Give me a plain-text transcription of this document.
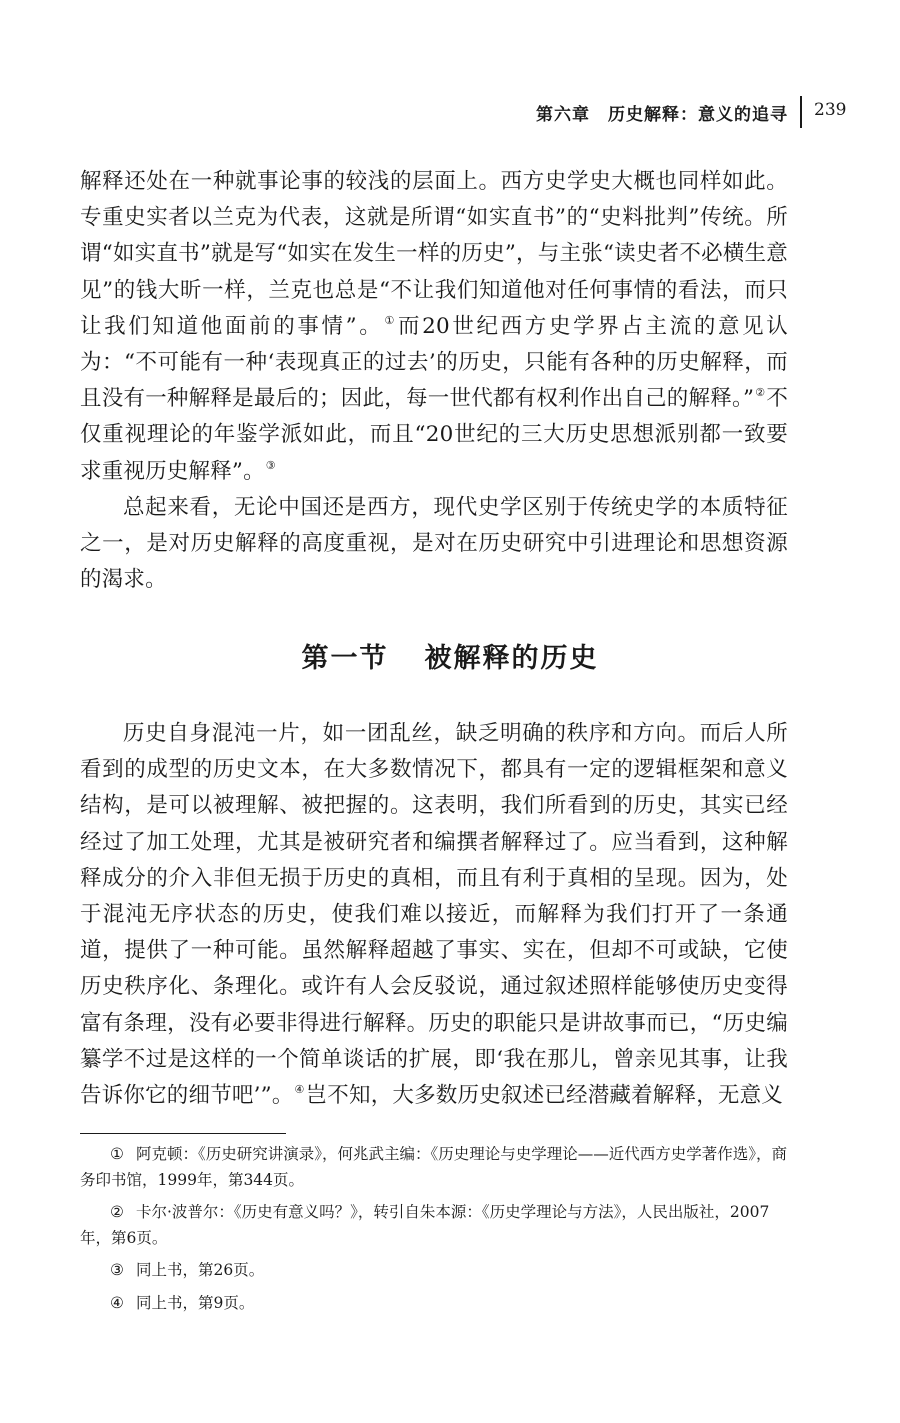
第六章　历史解释：意义的追寻 239

解释还处在一种就事论事的较浅的层面上。西方史学史大概也同样如此。专重史实者以兰克为代表，这就是所谓“如实直书”的“史料批判”传统。所谓“如实直书”就是写“如实在发生一样的历史”，与主张“读史者不必横生意见”的钱大昕一样，兰克也总是“不让我们知道他对任何事情的看法，而只让我们知道他面前的事情”。①而20世纪西方史学界占主流的意见认为：“不可能有一种‘表现真正的过去’的历史，只能有各种的历史解释，而且没有一种解释是最后的；因此，每一世代都有权利作出自己的解释。”②不仅重视理论的年鉴学派如此，而且“20世纪的三大历史思想派别都一致要求重视历史解释”。③

总起来看，无论中国还是西方，现代史学区别于传统史学的本质特征之一，是对历史解释的高度重视，是对在历史研究中引进理论和思想资源的渴求。

第一节 被解释的历史

历史自身混沌一片，如一团乱丝，缺乏明确的秩序和方向。而后人所看到的成型的历史文本，在大多数情况下，都具有一定的逻辑框架和意义结构，是可以被理解、被把握的。这表明，我们所看到的历史，其实已经经过了加工处理，尤其是被研究者和编撰者解释过了。应当看到，这种解释成分的介入非但无损于历史的真相，而且有利于真相的呈现。因为，处于混沌无序状态的历史，使我们难以接近，而解释为我们打开了一条通道，提供了一种可能。虽然解释超越了事实、实在，但却不可或缺，它使历史秩序化、条理化。或许有人会反驳说，通过叙述照样能够使历史变得富有条理，没有必要非得进行解释。历史的职能只是讲故事而已，“历史编纂学不过是这样的一个简单谈话的扩展，即‘我在那儿，曾亲见其事，让我告诉你它的细节吧’”。④岂不知，大多数历史叙述已经潜藏着解释，无意义

① 阿克顿：《历史研究讲演录》，何兆武主编：《历史理论与史学理论——近代西方史学著作选》，商务印书馆，1999年，第344页。

② 卡尔·波普尔：《历史有意义吗？》，转引自朱本源：《历史学理论与方法》，人民出版社，2007年，第6页。

③ 同上书，第26页。

④ 同上书，第9页。
